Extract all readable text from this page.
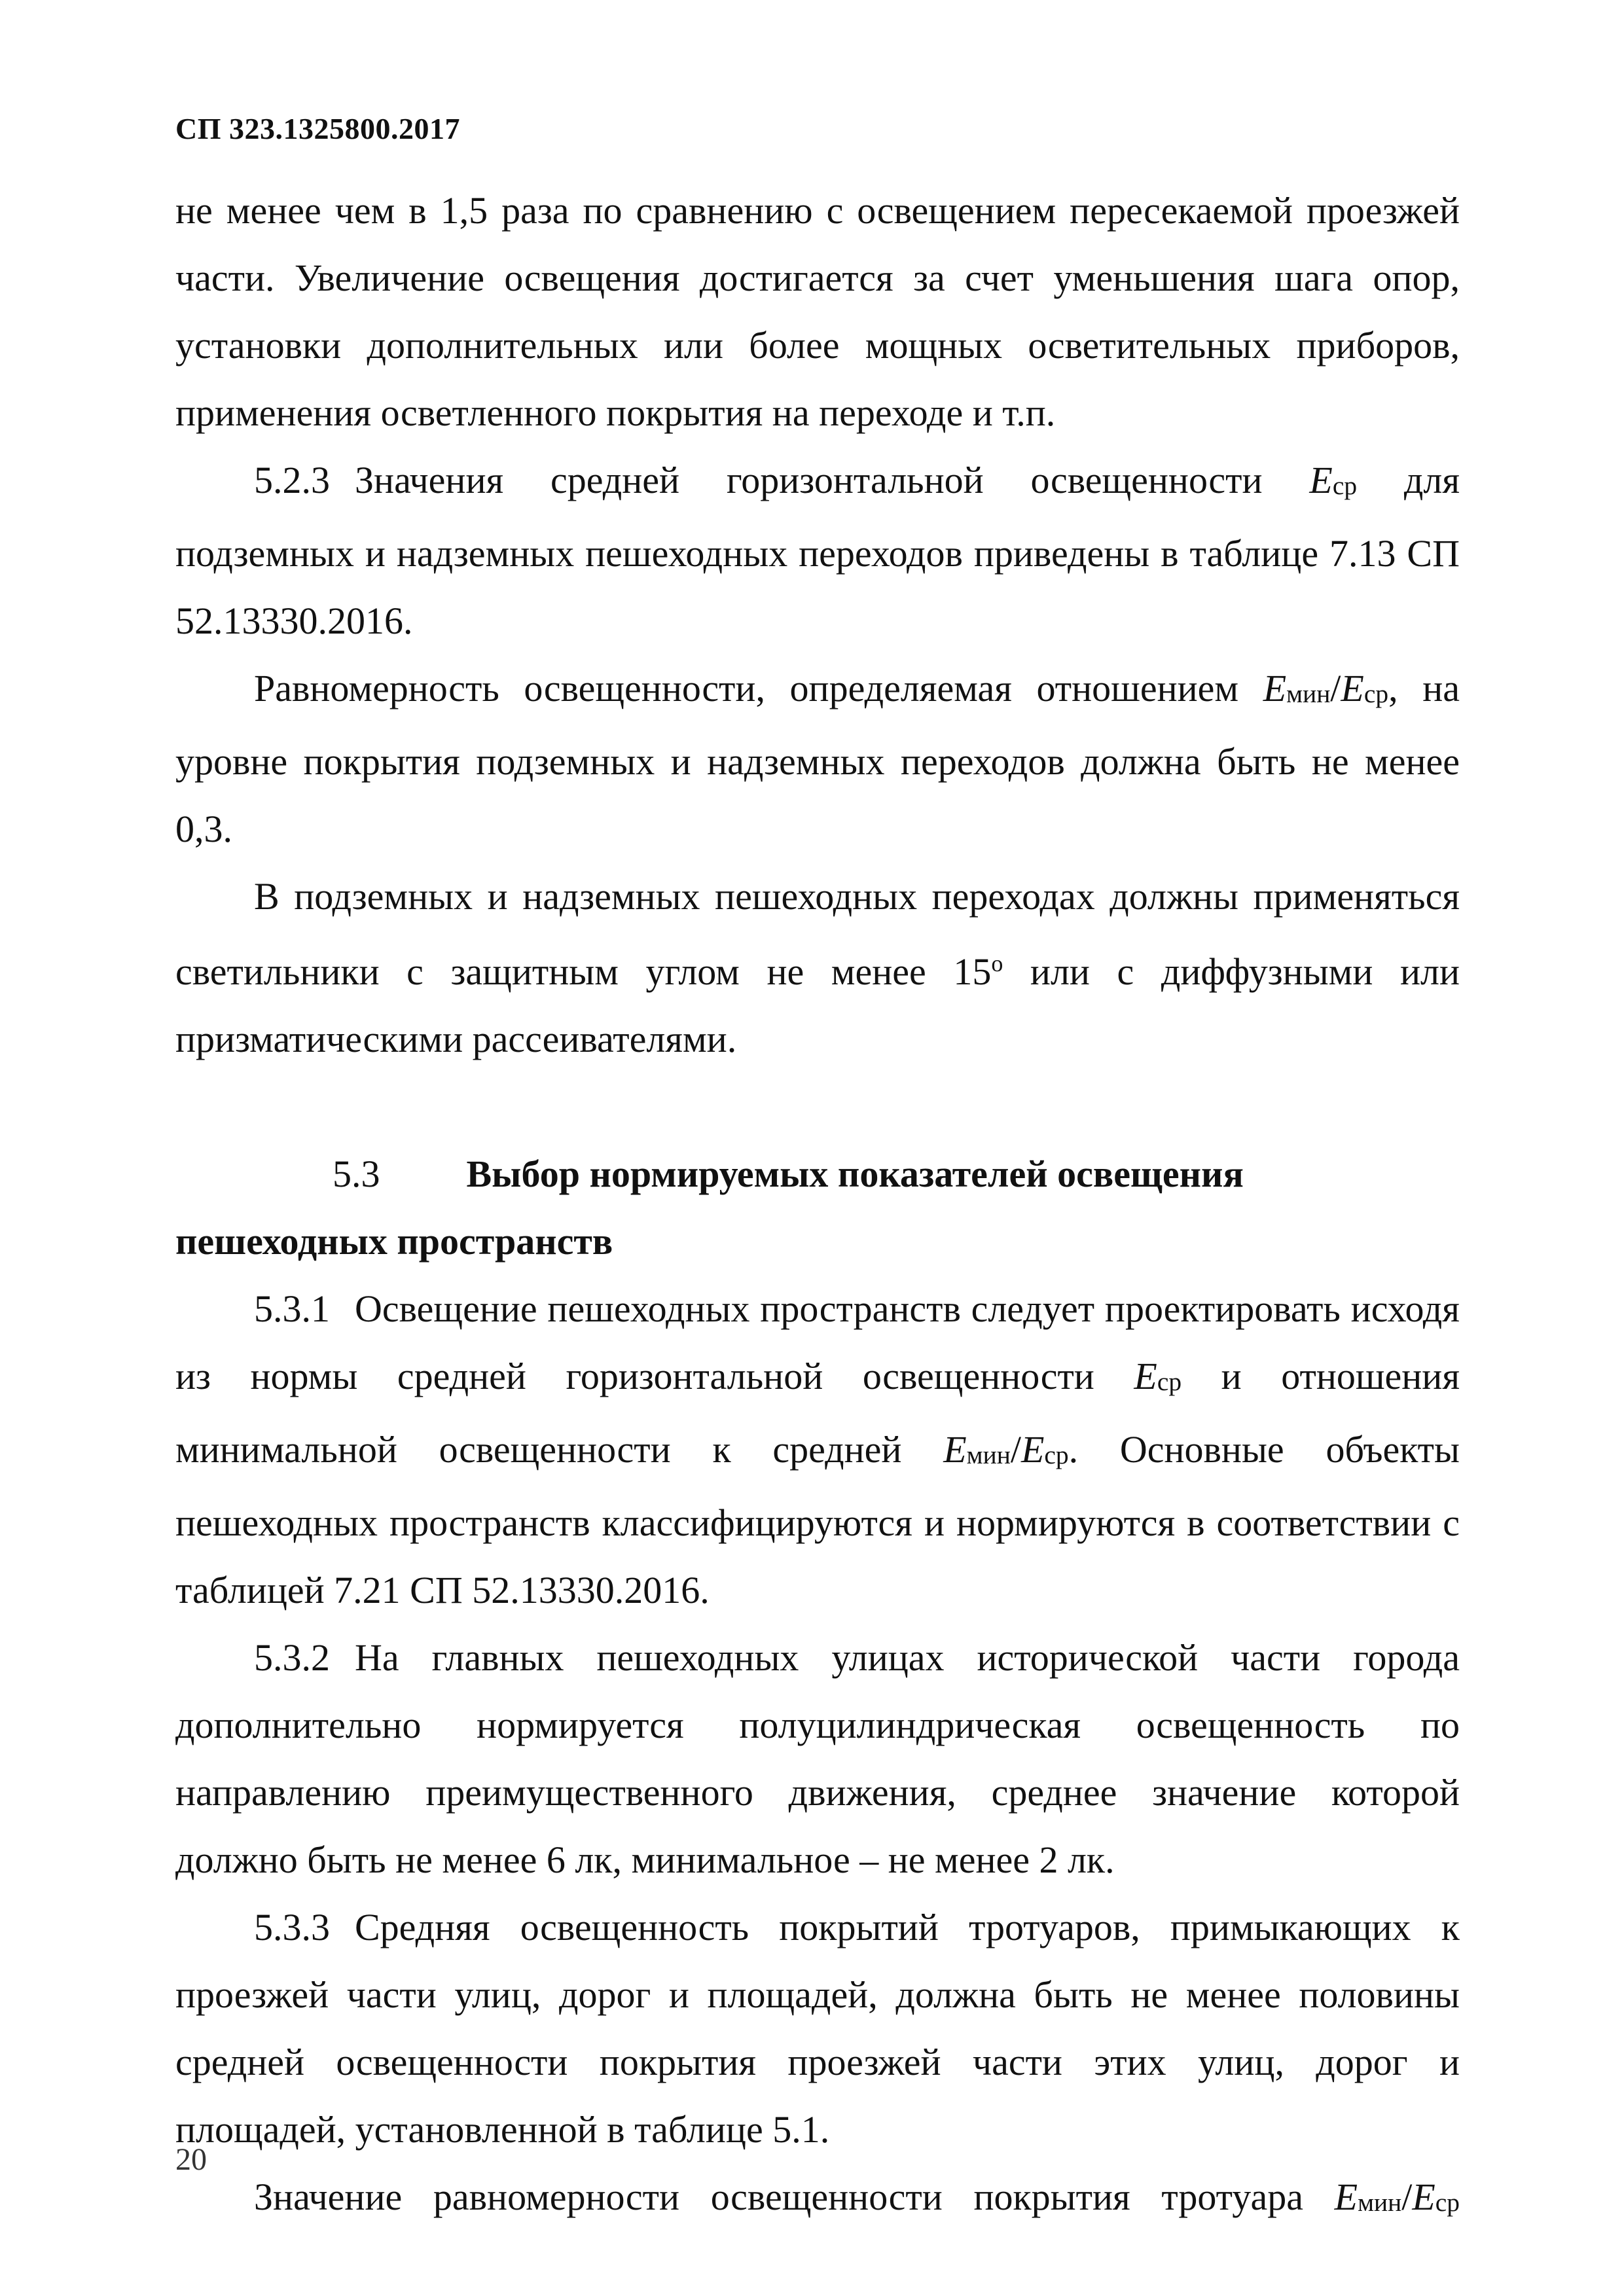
СП 323.1325800.2017

не менее чем в 1,5 раза по сравнению с освещением пересекаемой проезжей части. Увеличение освещения достигается за счет уменьшения шага опор, установки дополнительных или более мощных осветительных приборов, применения осветленного покрытия на переходе и т.п.

5.2.3 Значения средней горизонтальной освещенности Eср для подземных и надземных пешеходных переходов приведены в таблице 7.13 СП 52.13330.2016.

Равномерность освещенности, определяемая отношением Eмин/Eср, на уровне покрытия подземных и надземных переходов должна быть не менее 0,3.

В подземных и надземных пешеходных переходах должны применяться светильники с защитным углом не менее $15^о$ или с диффузными или призматическими рассеивателями.

5.3 Выбор нормируемых показателей освещения пешеходных пространств

5.3.1 Освещение пешеходных пространств следует проектировать исходя из нормы средней горизонтальной освещенности Eср и отношения минимальной освещенности к средней Eмин/Eср. Основные объекты пешеходных пространств классифицируются и нормируются в соответствии с таблицей 7.21 СП 52.13330.2016.

5.3.2 На главных пешеходных улицах исторической части города дополнительно нормируется полуцилиндрическая освещенность по направлению преимущественного движения, среднее значение которой должно быть не менее 6 лк, минимальное – не менее 2 лк.

5.3.3 Средняя освещенность покрытий тротуаров, примыкающих к проезжей части улиц, дорог и площадей, должна быть не менее половины средней освещенности покрытия проезжей части этих улиц, дорог и площадей, установленной в таблице 5.1.

Значение равномерности освещенности покрытия тротуара Eмин/Eср

20
